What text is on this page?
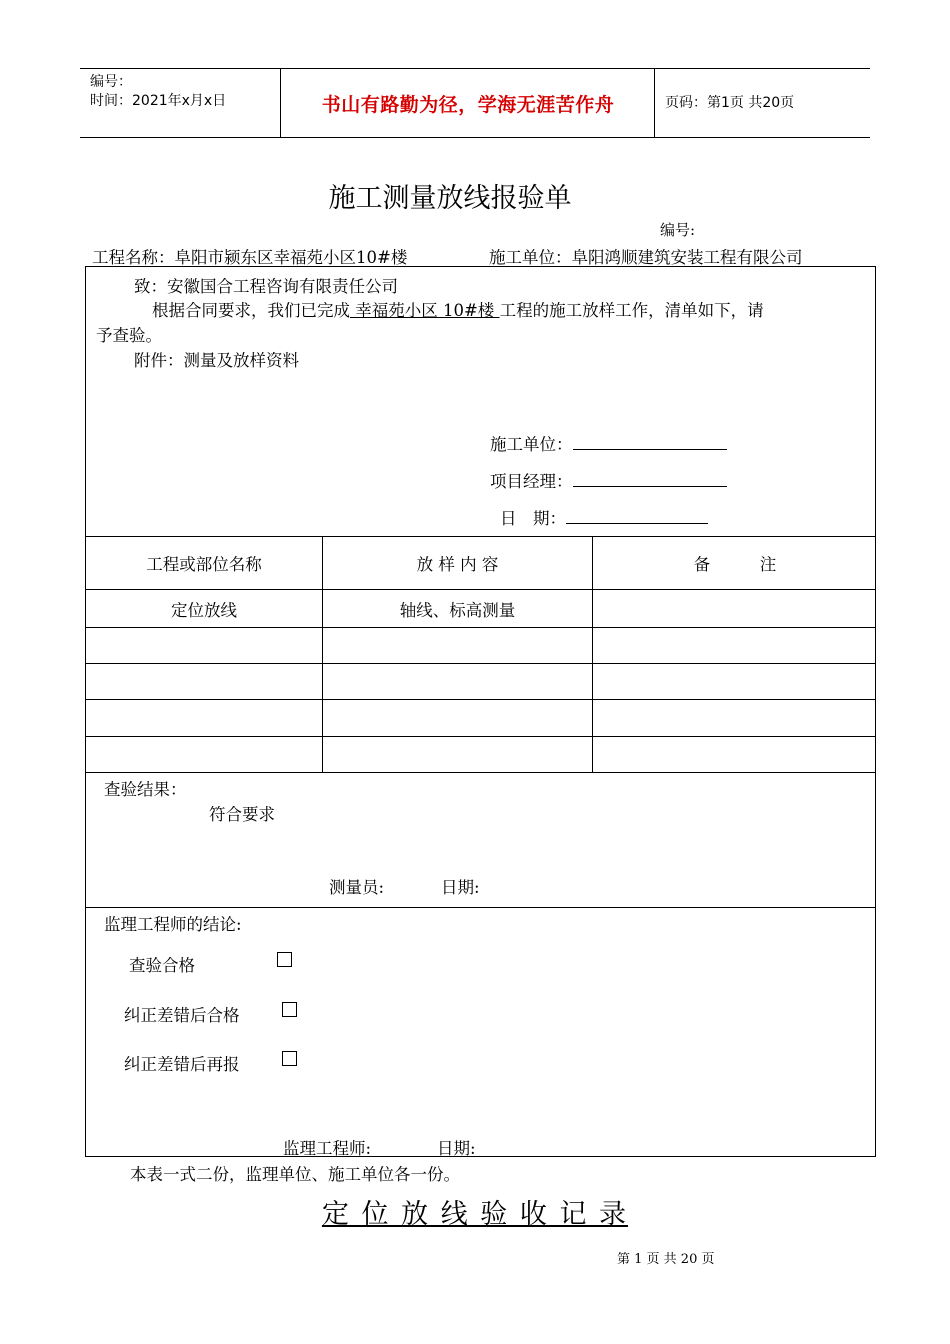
编号：
时间：2021年x月x日	书山有路勤为径，学海无涯苦作舟	页码：第1页 共20页
施工测量放线报验单
编号:
工程名称：阜阳市颍东区幸福苑小区10#楼	施工单位：阜阳鸿顺建筑安装工程有限公司
致：安徽国合工程咨询有限责任公司
根据合同要求，我们已完成 幸福苑小区 10#楼 工程的施工放样工作，清单如下，请
予查验。
附件：测量及放样资料
施工单位：
项目经理：
日　期：
工程或部位名称	放 样 内 容	备　　　注
定位放线	轴线、标高测量
查验结果：
符合要求
测量员:	日期:
监理工程师的结论:
查验合格
纠正差错后合格
纠正差错后再报
监理工程师:	日期:
本表一式二份，监理单位、施工单位各一份。
定 位 放 线 验 收 记 录
第 1 页 共 20 页
